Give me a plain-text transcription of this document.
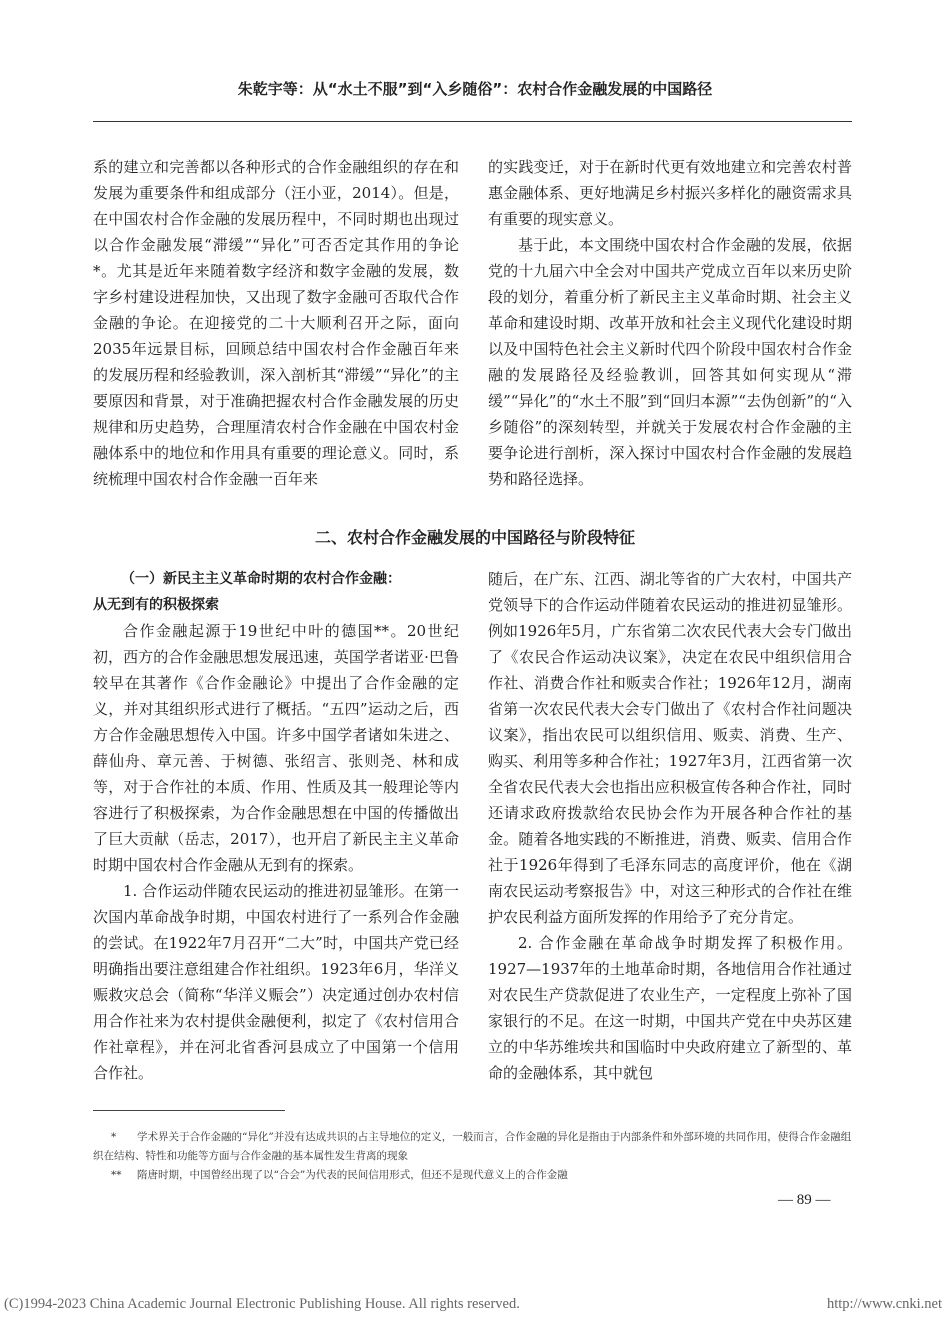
朱乾宇等：从“水土不服”到“入乡随俗”：农村合作金融发展的中国路径

系的建立和完善都以各种形式的合作金融组织的存在和发展为重要条件和组成部分（汪小亚，2014）。但是，在中国农村合作金融的发展历程中，不同时期也出现过以合作金融发展“滞缓”“异化”可否否定其作用的争论*。尤其是近年来随着数字经济和数字金融的发展，数字乡村建设进程加快，又出现了数字金融可否取代合作金融的争论。在迎接党的二十大顺利召开之际，面向2035年远景目标，回顾总结中国农村合作金融百年来的发展历程和经验教训，深入剖析其“滞缓”“异化”的主要原因和背景，对于准确把握农村合作金融发展的历史规律和历史趋势，合理厘清农村合作金融在中国农村金融体系中的地位和作用具有重要的理论意义。同时，系统梳理中国农村合作金融一百年来

的实践变迁，对于在新时代更有效地建立和完善农村普惠金融体系、更好地满足乡村振兴多样化的融资需求具有重要的现实意义。

基于此，本文围绕中国农村合作金融的发展，依据党的十九届六中全会对中国共产党成立百年以来历史阶段的划分，着重分析了新民主主义革命时期、社会主义革命和建设时期、改革开放和社会主义现代化建设时期以及中国特色社会主义新时代四个阶段中国农村合作金融的发展路径及经验教训，回答其如何实现从“滞缓”“异化”的“水土不服”到“回归本源”“去伪创新”的“入乡随俗”的深刻转型，并就关于发展农村合作金融的主要争论进行剖析，深入探讨中国农村合作金融的发展趋势和路径选择。

二、农村合作金融发展的中国路径与阶段特征
（一）新民主主义革命时期的农村合作金融：
从无到有的积极探索

合作金融起源于19世纪中叶的德国**。20世纪初，西方的合作金融思想发展迅速，英国学者诺亚·巴鲁较早在其著作《合作金融论》中提出了合作金融的定义，并对其组织形式进行了概括。“五四”运动之后，西方合作金融思想传入中国。许多中国学者诸如朱进之、薛仙舟、章元善、于树德、张绍言、张则尧、林和成等，对于合作社的本质、作用、性质及其一般理论等内容进行了积极探索，为合作金融思想在中国的传播做出了巨大贡献（岳志，2017），也开启了新民主主义革命时期中国农村合作金融从无到有的探索。

1. 合作运动伴随农民运动的推进初显雏形。在第一次国内革命战争时期，中国农村进行了一系列合作金融的尝试。在1922年7月召开“二大”时，中国共产党已经明确指出要注意组建合作社组织。1923年6月，华洋义赈救灾总会（简称“华洋义赈会”）决定通过创办农村信用合作社来为农村提供金融便利，拟定了《农村信用合作社章程》，并在河北省香河县成立了中国第一个信用合作社。

随后，在广东、江西、湖北等省的广大农村，中国共产党领导下的合作运动伴随着农民运动的推进初显雏形。例如1926年5月，广东省第二次农民代表大会专门做出了《农民合作运动决议案》，决定在农民中组织信用合作社、消费合作社和贩卖合作社；1926年12月，湖南省第一次农民代表大会专门做出了《农村合作社问题决议案》，指出农民可以组织信用、贩卖、消费、生产、购买、利用等多种合作社；1927年3月，江西省第一次全省农民代表大会也指出应积极宣传各种合作社，同时还请求政府拨款给农民协会作为开展各种合作社的基金。随着各地实践的不断推进，消费、贩卖、信用合作社于1926年得到了毛泽东同志的高度评价，他在《湖南农民运动考察报告》中，对这三种形式的合作社在维护农民利益方面所发挥的作用给予了充分肯定。

2. 合作金融在革命战争时期发挥了积极作用。1927—1937年的土地革命时期，各地信用合作社通过对农民生产贷款促进了农业生产，一定程度上弥补了国家银行的不足。在这一时期，中国共产党在中央苏区建立的中华苏维埃共和国临时中央政府建立了新型的、革命的金融体系，其中就包

* 学术界关于合作金融的“异化”并没有达成共识的占主导地位的定义，一般而言，合作金融的异化是指由于内部条件和外部环境的共同作用，使得合作金融组织在结构、特性和功能等方面与合作金融的基本属性发生背离的现象

** 隋唐时期，中国曾经出现了以“合会”为代表的民间信用形式，但还不是现代意义上的合作金融

— 89 —
(C)1994-2023 China Academic Journal Electronic Publishing House. All rights reserved.	http://www.cnki.net
